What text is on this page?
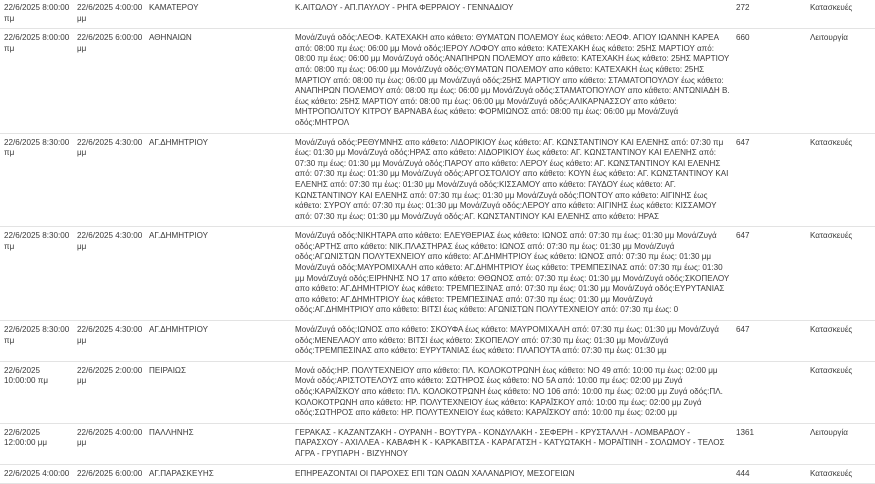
22/6/2025 8:00:00 πμ	22/6/2025 4:00:00 μμ	ΚΑΜΑΤΕΡΟΥ	Κ.ΑΙΤΩΛΟΥ - ΑΠ.ΠΑΥΛΟΥ - ΡΗΓΑ ΦΕΡΡΑΙΟΥ - ΓΕΝΝΑΔΙΟΥ	272	Κατασκευές
22/6/2025 8:00:00 πμ	22/6/2025 6:00:00 μμ	ΑΘΗΝΑΙΩΝ	Μονά/Ζυγά οδός:ΛΕΟΦ. ΚΑΤΕΧΑΚΗ απο κάθετο: ΘΥΜΑΤΩΝ ΠΟΛΕΜΟΥ έως κάθετο: ΛΕΟΦ. ΑΓΙΟΥ ΙΩΑΝΝΗ ΚΑΡΕΑ από: 08:00 πμ έως: 06:00 μμ Μονά οδός:ΙΕΡΟΥ ΛΟΦΟΥ απο κάθετο: ΚΑΤΕΧΑΚΗ έως κάθετο: 25ΗΣ ΜΑΡΤΙΟΥ από: 08:00 πμ έως: 06:00 μμ Μονά/Ζυγά οδός:ΑΝΑΠΗΡΩΝ ΠΟΛΕΜΟΥ απο κάθετο: ΚΑΤΕΧΑΚΗ έως κάθετο: 25ΗΣ ΜΑΡΤΙΟΥ από: 08:00 πμ έως: 06:00 μμ Μονά/Ζυγά οδός:ΘΥΜΑΤΩΝ ΠΟΛΕΜΟΥ απο κάθετο: ΚΑΤΕΧΑΚΗ έως κάθετο: 25ΗΣ ΜΑΡΤΙΟΥ από: 08:00 πμ έως: 06:00 μμ Μονά/Ζυγά οδός:25ΗΣ ΜΑΡΤΙΟΥ απο κάθετο: ΣΤΑΜΑΤΟΠΟΥΛΟΥ έως κάθετο: ΑΝΑΠΗΡΩΝ ΠΟΛΕΜΟΥ από: 08:00 πμ έως: 06:00 μμ Μονά/Ζυγά οδός:ΣΤΑΜΑΤΟΠΟΥΛΟΥ απο κάθετο: ΑΝΤΩΝΙΑΔΗ Β. έως κάθετο: 25ΗΣ ΜΑΡΤΙΟΥ από: 08:00 πμ έως: 06:00 μμ Μονά/Ζυγά οδός:ΑΛΙΚΑΡΝΑΣΣΟΥ απο κάθετο: ΜΗΤΡΟΠΟΛΙΤΟΥ ΚΙΤΡΟΥ ΒΑΡΝΑΒΑ έως κάθετο: ΦΟΡΜΙΩΝΟΣ από: 08:00 πμ έως: 06:00 μμ Μονά/Ζυγά οδός:ΜΗΤΡΟΛ	660	Λειτουργία
22/6/2025 8:30:00 πμ	22/6/2025 4:30:00 μμ	ΑΓ.ΔΗΜΗΤΡΙΟΥ	Μονά/Ζυγά οδός:ΡΕΘΥΜΝΗΣ απο κάθετο: ΛΙΔΟΡΙΚΙΟΥ έως κάθετο: ΑΓ. ΚΩΝΣΤΑΝΤΙΝΟΥ ΚΑΙ ΕΛΕΝΗΣ από: 07:30 πμ έως: 01:30 μμ Μονά/Ζυγά οδός:ΗΡΑΣ απο κάθετο: ΛΙΔΟΡΙΚΙΟΥ έως κάθετο: ΑΓ. ΚΩΝΣΤΑΝΤΙΝΟΥ ΚΑΙ ΕΛΕΝΗΣ από: 07:30 πμ έως: 01:30 μμ Μονά/Ζυγά οδός:ΠΑΡΟΥ απο κάθετο: ΛΕΡΟΥ έως κάθετο: ΑΓ. ΚΩΝΣΤΑΝΤΙΝΟΥ ΚΑΙ ΕΛΕΝΗΣ από: 07:30 πμ έως: 01:30 μμ Μονά/Ζυγά οδός:ΑΡΓΟΣΤΟΛΙΟΥ απο κάθετο: ΚΟΥΝ έως κάθετο: ΑΓ. ΚΩΝΣΤΑΝΤΙΝΟΥ ΚΑΙ ΕΛΕΝΗΣ από: 07:30 πμ έως: 01:30 μμ Μονά/Ζυγά οδός:ΚΙΣΣΑΜΟΥ απο κάθετο: ΓΑΥΔΟΥ έως κάθετο: ΑΓ. ΚΩΝΣΤΑΝΤΙΝΟΥ ΚΑΙ ΕΛΕΝΗΣ από: 07:30 πμ έως: 01:30 μμ Μονά/Ζυγά οδός:ΠΟΝΤΟΥ απο κάθετο: ΑΙΓΙΝΗΣ έως κάθετο: ΣΥΡΟΥ από: 07:30 πμ έως: 01:30 μμ Μονά/Ζυγά οδός:ΛΕΡΟΥ απο κάθετο: ΑΙΓΙΝΗΣ έως κάθετο: ΚΙΣΣΑΜΟΥ από: 07:30 πμ έως: 01:30 μμ Μονά/Ζυγά οδός:ΑΓ. ΚΩΝΣΤΑΝΤΙΝΟΥ ΚΑΙ ΕΛΕΝΗΣ απο κάθετο: ΗΡΑΣ	647	Κατασκευές
22/6/2025 8:30:00 πμ	22/6/2025 4:30:00 μμ	ΑΓ.ΔΗΜΗΤΡΙΟΥ	Μονά/Ζυγά οδός:ΝΙΚΗΤΑΡΑ απο κάθετο: ΕΛΕΥΘΕΡΙΑΣ έως κάθετο: ΙΩΝΟΣ από: 07:30 πμ έως: 01:30 μμ Μονά/Ζυγά οδός:ΑΡΤΗΣ απο κάθετο: ΝΙΚ.ΠΛΑΣΤΗΡΑΣ έως κάθετο: ΙΩΝΟΣ από: 07:30 πμ έως: 01:30 μμ Μονά/Ζυγά οδός:ΑΓΩΝΙΣΤΩΝ ΠΟΛΥΤΕΧΝΕΙΟΥ απο κάθετο: ΑΓ.ΔΗΜΗΤΡΙΟΥ έως κάθετο: ΙΩΝΟΣ από: 07:30 πμ έως: 01:30 μμ Μονά/Ζυγά οδός:ΜΑΥΡΟΜΙΧΑΛΗ απο κάθετο: ΑΓ.ΔΗΜΗΤΡΙΟΥ έως κάθετο: ΤΡΕΜΠΕΣΙΝΑΣ από: 07:30 πμ έως: 01:30 μμ Μονά/Ζυγά οδός:ΕΙΡΗΝΗΣ ΝΟ 17 απο κάθετο: ΘΘΩΝΟΣ από: 07:30 πμ έως: 01:30 μμ Μονά/Ζυγά οδός:ΣΚΟΠΕΛΟΥ απο κάθετο: ΑΓ.ΔΗΜΗΤΡΙΟΥ έως κάθετο: ΤΡΕΜΠΕΣΙΝΑΣ από: 07:30 πμ έως: 01:30 μμ Μονά/Ζυγά οδός:ΕΥΡΥΤΑΝΙΑΣ απο κάθετο: ΑΓ.ΔΗΜΗΤΡΙΟΥ έως κάθετο: ΤΡΕΜΠΕΣΙΝΑΣ από: 07:30 πμ έως: 01:30 μμ Μονά/Ζυγά οδός:ΑΓ.ΔΗΜΗΤΡΙΟΥ απο κάθετο: ΒΙΤΣΙ έως κάθετο: ΑΓΩΝΙΣΤΩΝ ΠΟΛΥΤΕΧΝΕΙΟΥ από: 07:30 πμ έως: 0	647	Κατασκευές
22/6/2025 8:30:00 πμ	22/6/2025 4:30:00 μμ	ΑΓ.ΔΗΜΗΤΡΙΟΥ	Μονά/Ζυγά οδός:ΙΩΝΟΣ απο κάθετο: ΣΚΟΥΦΑ έως κάθετο: ΜΑΥΡΟΜΙΧΑΛΗ από: 07:30 πμ έως: 01:30 μμ Μονά/Ζυγά οδός:ΜΕΝΕΛΑΟΥ απο κάθετο: ΒΙΤΣΙ έως κάθετο: ΣΚΟΠΕΛΟΥ από: 07:30 πμ έως: 01:30 μμ Μονά/Ζυγά οδός:ΤΡΕΜΠΕΣΙΝΑΣ απο κάθετο: ΕΥΡΥΤΑΝΙΑΣ έως κάθετο: ΠΛΑΠΟΥΤΑ από: 07:30 πμ έως: 01:30 μμ	647	Κατασκευές
22/6/2025 10:00:00 πμ	22/6/2025 2:00:00 μμ	ΠΕΙΡΑΙΩΣ	Μονά οδός:ΗΡ. ΠΟΛΥΤΕΧΝΕΙΟΥ απο κάθετο: ΠΛ. ΚΟΛΟΚΟΤΡΩΝΗ έως κάθετο: ΝΟ 49 από: 10:00 πμ έως: 02:00 μμ Μονά οδός:ΑΡΙΣΤΟΤΕΛΟΥΣ απο κάθετο: ΣΩΤΗΡΟΣ έως κάθετο: ΝΟ 5Α από: 10:00 πμ έως: 02:00 μμ Ζυγά οδός:ΚΑΡΑΪΣΚΟΥ απο κάθετο: ΠΛ. ΚΟΛΟΚΟΤΡΩΝΗ έως κάθετο: ΝΟ 106 από: 10:00 πμ έως: 02:00 μμ Ζυγά οδός:ΠΛ. ΚΟΛΟΚΟΤΡΩΝΗ απο κάθετο: ΗΡ. ΠΟΛΥΤΕΧΝΕΙΟΥ έως κάθετο: ΚΑΡΑΪΣΚΟΥ από: 10:00 πμ έως: 02:00 μμ Ζυγά οδός:ΣΩΤΗΡΟΣ απο κάθετο: ΗΡ. ΠΟΛΥΤΕΧΝΕΙΟΥ έως κάθετο: ΚΑΡΑΪΣΚΟΥ από: 10:00 πμ έως: 02:00 μμ		Κατασκευές
22/6/2025 12:00:00 μμ	22/6/2025 4:00:00 μμ	ΠΑΛΛΗΝΗΣ	ΓΕΡΑΚΑΣ - ΚΑΖΑΝΤΖΑΚΗ - ΟΥΡΑΝΗ - ΒΟΥΤΥΡΑ - ΚΟΝΔΥΛΑΚΗ - ΣΕΦΕΡΗ - ΚΡΥΣΤΑΛΛΗ - ΛΟΜΒΑΡΔΟΥ - ΠΑΡΑΣΧΟΥ - ΑΧΙΛΛΕΑ - ΚΑΒΑΦΗ Κ - ΚΑΡΚΑΒΙΤΣΑ - ΚΑΡΑΓΑΤΣΗ - ΚΑΤΥΩΤΑΚΗ - ΜΟΡΑΪΤΙΝΗ - ΣΟΛΩΜΟΥ - ΤΕΛΟΣ ΑΓΡΑ - ΓΡΥΠΑΡΗ - ΒΙΖΥΗΝΟΥ	1361	Λειτουργία
22/6/2025 4:00:00	22/6/2025 6:00:00	ΑΓ.ΠΑΡΑΣΚΕΥΗΣ	ΕΠΗΡΕΑΖΟΝΤΑΙ ΟΙ ΠΑΡΟΧΕΣ ΕΠΙ ΤΩΝ ΟΔΩΝ ΧΑΛΑΝΔΡΙΟΥ, ΜΕΣΟΓΕΙΩΝ	444	Κατασκευές
